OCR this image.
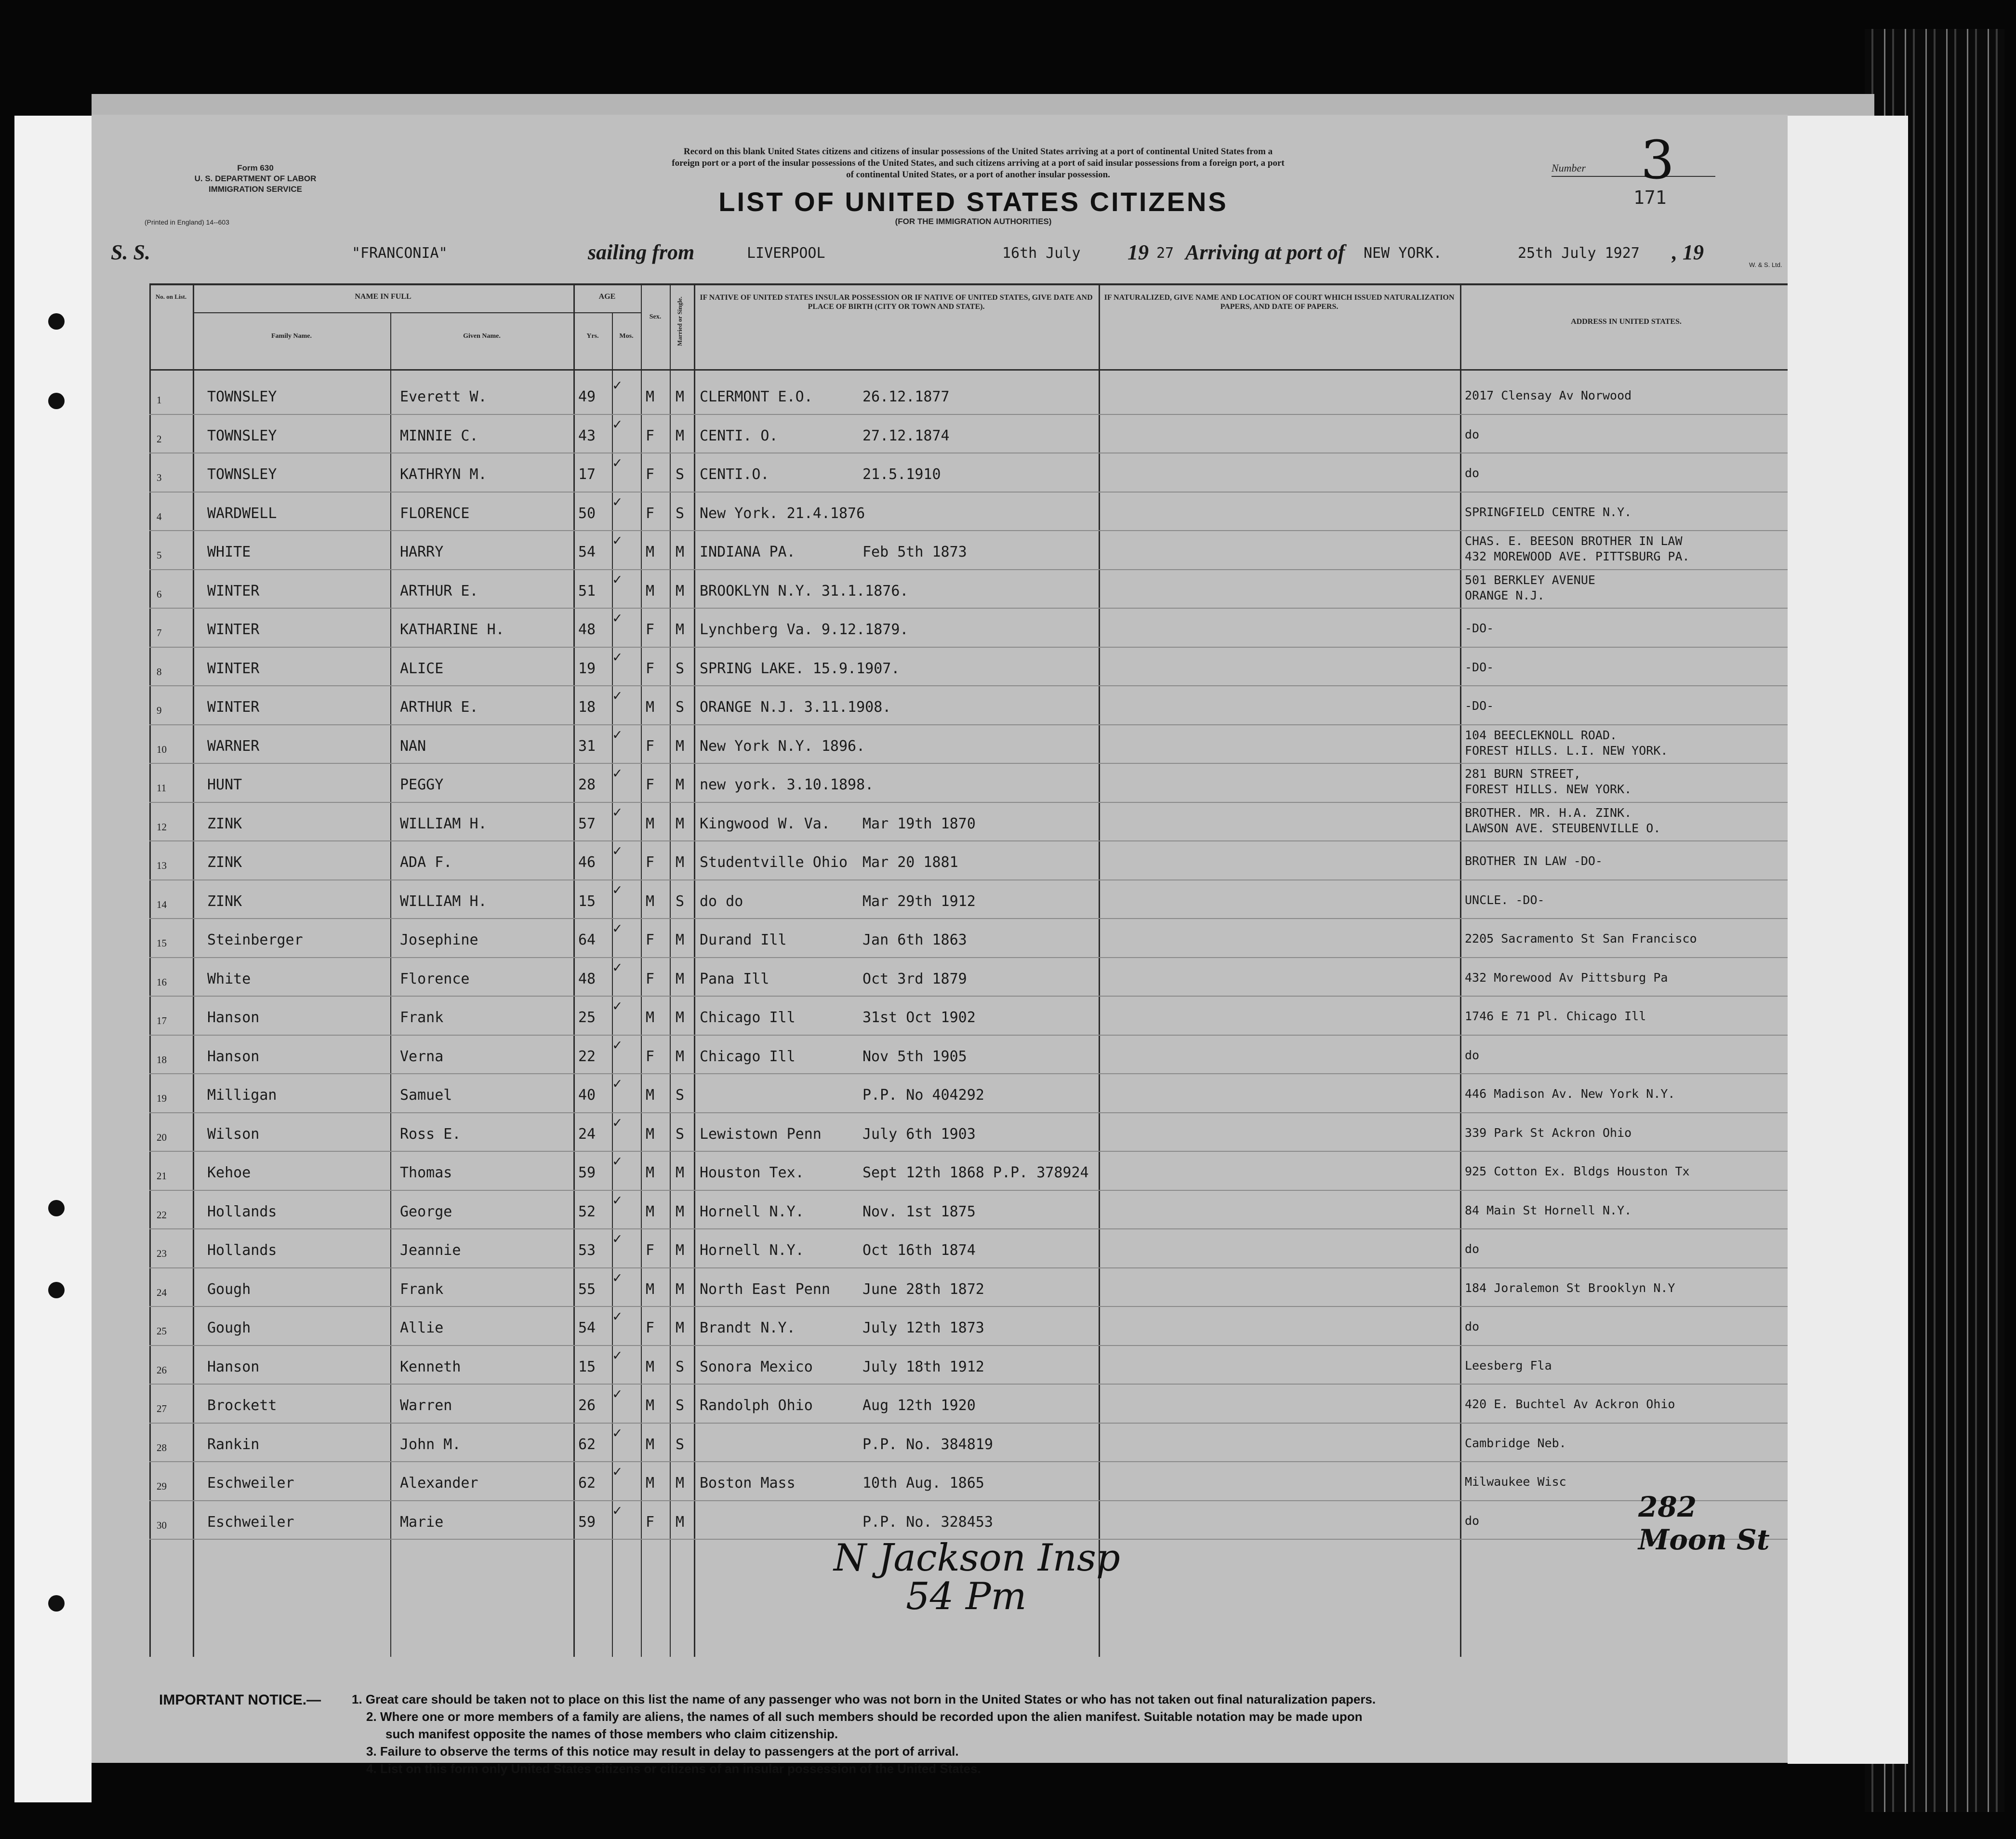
Form 630
U. S. DEPARTMENT OF LABOR
IMMIGRATION SERVICE
(Printed in England) 14--603
Record on this blank United States citizens and citizens of insular possessions of the United States arriving at a port of continental United States from a
foreign port or a port of the insular possessions of the United States, and such citizens arriving at a port of said insular possessions from a foreign port, a port
of continental United States, or a port of another insular possession.
LIST OF UNITED STATES CITIZENS
(FOR THE IMMIGRATION AUTHORITIES)
Number 3
171
S. S.	"FRANCONIA"	sailing from	LIVERPOOL	16th July 19 27 Arriving at port of NEW YORK.	25th July 1927 , 19
W. & S. Ltd.
No. on List.	NAME IN FULL
Family Name.	Given Name.
AGE
Yrs.	Mos.
Sex.	Married or Single. IF NATIVE OF UNITED STATES INSULAR POSSESSION OR IF NATIVE OF UNITED STATES, GIVE DATE AND PLACE OF BIRTH (CITY OR TOWN AND STATE).
IF NATURALIZED, GIVE NAME AND LOCATION OF COURT WHICH ISSUED NATURALIZATION PAPERS, AND DATE OF PAPERS.
ADDRESS IN UNITED STATES.
1	TOWNSLEY	Everett W.	49	M M CLERMONT E.O.	26.12.1877	2017 Clensay Av Norwood
✓
2	TOWNSLEY	MINNIE C.	43	F M CENTI. O.	27.12.1874	do
✓
3	TOWNSLEY	KATHRYN M.	17	F S CENTI.O.	21.5.1910	do
✓
4	WARDWELL	FLORENCE	50	F S New York. 21.4.1876	SPRINGFIELD CENTRE N.Y.
✓
5	WHITE	HARRY	54	M M INDIANA PA.	Feb 5th 1873
CHAS. E. BEESON BROTHER IN LAW
432 MOREWOOD AVE. PITTSBURG PA.
✓
6	WINTER	ARTHUR E.	51	M M BROOKLYN N.Y. 31.1.1876.
501 BERKLEY AVENUE
ORANGE N.J.
✓
7	WINTER	KATHARINE H.	48	F M Lynchberg Va. 9.12.1879.	-DO-
✓
8	WINTER	ALICE	19	F S SPRING LAKE. 15.9.1907.	-DO-
✓
9	WINTER	ARTHUR E.	18	M S ORANGE N.J. 3.11.1908.	-DO-
✓
10	WARNER	NAN	31	F M New York N.Y. 1896.
104 BEECLEKNOLL ROAD.
FOREST HILLS. L.I. NEW YORK.
✓
11	HUNT	PEGGY	28	F M new york. 3.10.1898.
281 BURN STREET,
FOREST HILLS. NEW YORK.
✓
12	ZINK	WILLIAM H.	57	M M Kingwood W. Va. Mar 19th 1870
BROTHER. MR. H.A. ZINK.
LAWSON AVE. STEUBENVILLE O.
✓
13	ZINK	ADA F.	46	F M Studentville Ohio Mar 20 1881	BROTHER IN LAW -DO-
✓
14	ZINK	WILLIAM H.	15	M S do do	Mar 29th 1912	UNCLE. -DO-
✓
15	Steinberger	Josephine	64	F M Durand Ill	Jan 6th 1863	2205 Sacramento St San Francisco
✓
16	White	Florence	48	F M Pana Ill	Oct 3rd 1879	432 Morewood Av Pittsburg Pa
✓
17	Hanson	Frank	25	M M Chicago Ill	31st Oct 1902	1746 E 71 Pl. Chicago Ill
✓
18	Hanson	Verna	22	F M Chicago Ill	Nov 5th 1905	do
✓
19	Milligan	Samuel	40	M S	P.P. No 404292	446 Madison Av. New York N.Y.
✓
20	Wilson	Ross E.	24	M S Lewistown Penn	July 6th 1903	339 Park St Ackron Ohio
✓
21	Kehoe	Thomas	59	M M Houston Tex.	Sept 12th 1868 P.P. 378924	925 Cotton Ex. Bldgs Houston Tx
✓
22	Hollands	George	52	M M Hornell N.Y.	Nov. 1st 1875	84 Main St Hornell N.Y.
✓
23	Hollands	Jeannie	53	F M Hornell N.Y.	Oct 16th 1874	do
✓
24	Gough	Frank	55	M M North East Penn June 28th 1872	184 Joralemon St Brooklyn N.Y
✓
25	Gough	Allie	54	F M Brandt N.Y.	July 12th 1873	do
✓
26	Hanson	Kenneth	15	M S Sonora Mexico	July 18th 1912	Leesberg Fla
✓
27	Brockett	Warren	26	M S Randolph Ohio	Aug 12th 1920	420 E. Buchtel Av Ackron Ohio
✓
28	Rankin	John M.	62	M S	P.P. No. 384819	Cambridge Neb.
✓
29	Eschweiler	Alexander	62	M M Boston Mass	10th Aug. 1865	Milwaukee Wisc
✓
30	Eschweiler	Marie	59	F M	P.P. No. 328453	do
✓
N Jackson Insp
54 Pm
282 Moon St
IMPORTANT NOTICE.— 1. Great care should be taken not to place on this list the name of any passenger who was not born in the United States or who has not taken out final naturalization papers.
2. Where one or more members of a family are aliens, the names of all such members should be recorded upon the alien manifest. Suitable notation may be made upon
such manifest opposite the names of those members who claim citizenship.
3. Failure to observe the terms of this notice may result in delay to passengers at the port of arrival.
4. List on this form only United States citizens or citizens of an insular possession of the United States.
